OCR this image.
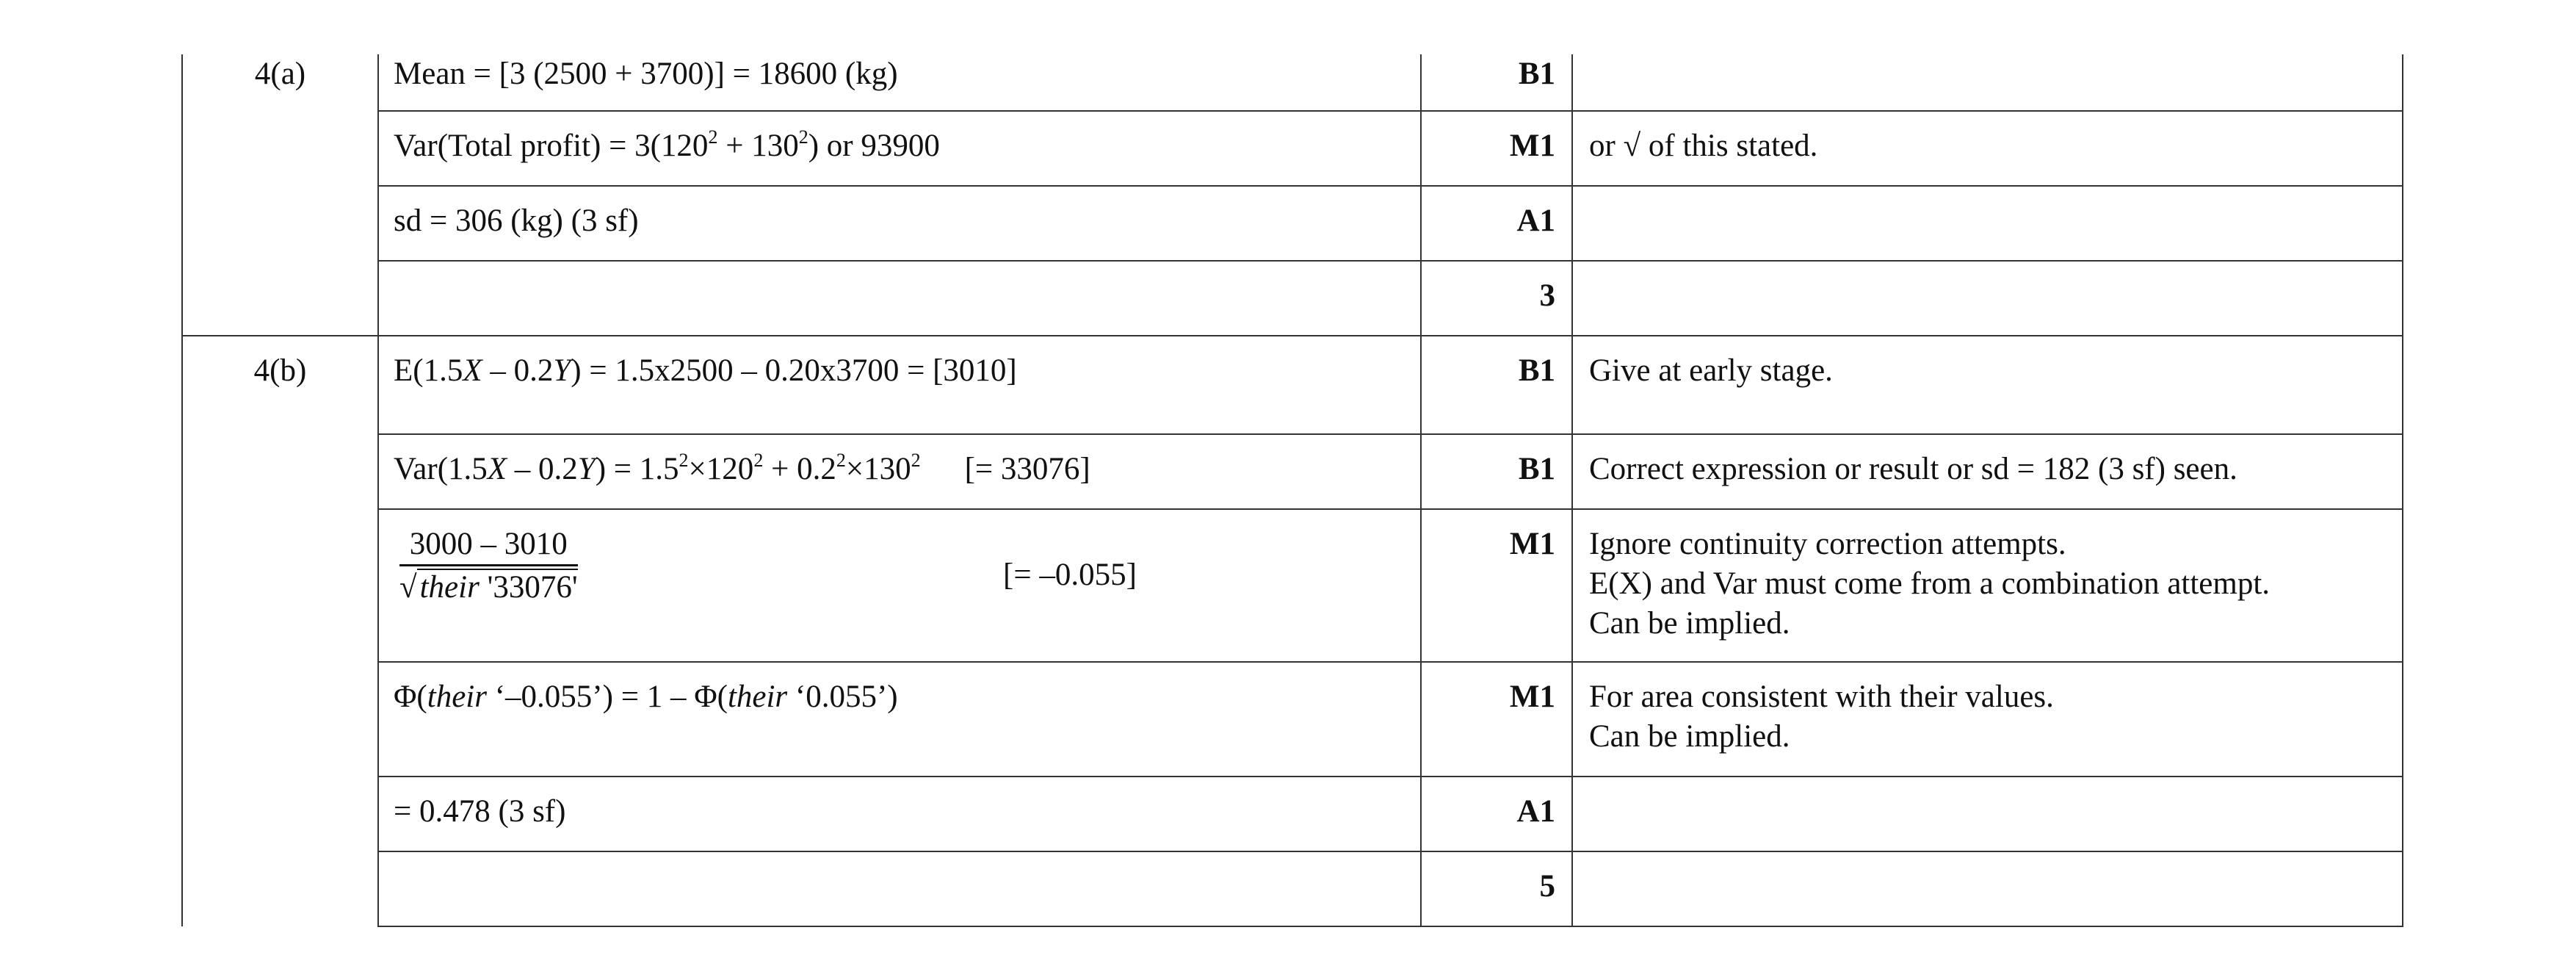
4(a)	Mean = [3 (2500 + 3700)] = 18600 (kg)	B1	
	Var(Total profit) = $3(120^2 + 130^2)$ or 93900	M1	or √ of this stated.
	sd = 306 (kg) (3 sf)	A1	
		3	
4(b)	E(1.5X – 0.2Y) = 1.5x2500 – 0.20x3700 = [3010]	B1	Give at early stage.
	$Var(1.5X - 0.2Y) = 1.5^2\times 120^2 + 0.2^2\times 130^2$ [= 33076]	B1	Correct expression or result or sd = 182 (3 sf) seen.

	$\frac{3000 - 3010}{\text{√their '33076'}}$ [= –0.055]	M1	Ignore continuity correction attempts.
E(X) and Var must come from a combination attempt.
Can be implied.

	Φ(their ‘–0.055’) = 1 – Φ(their ‘0.055’)	M1	For area consistent with their values.
Can be implied.

	= 0.478 (3 sf)	A1	
		5	
